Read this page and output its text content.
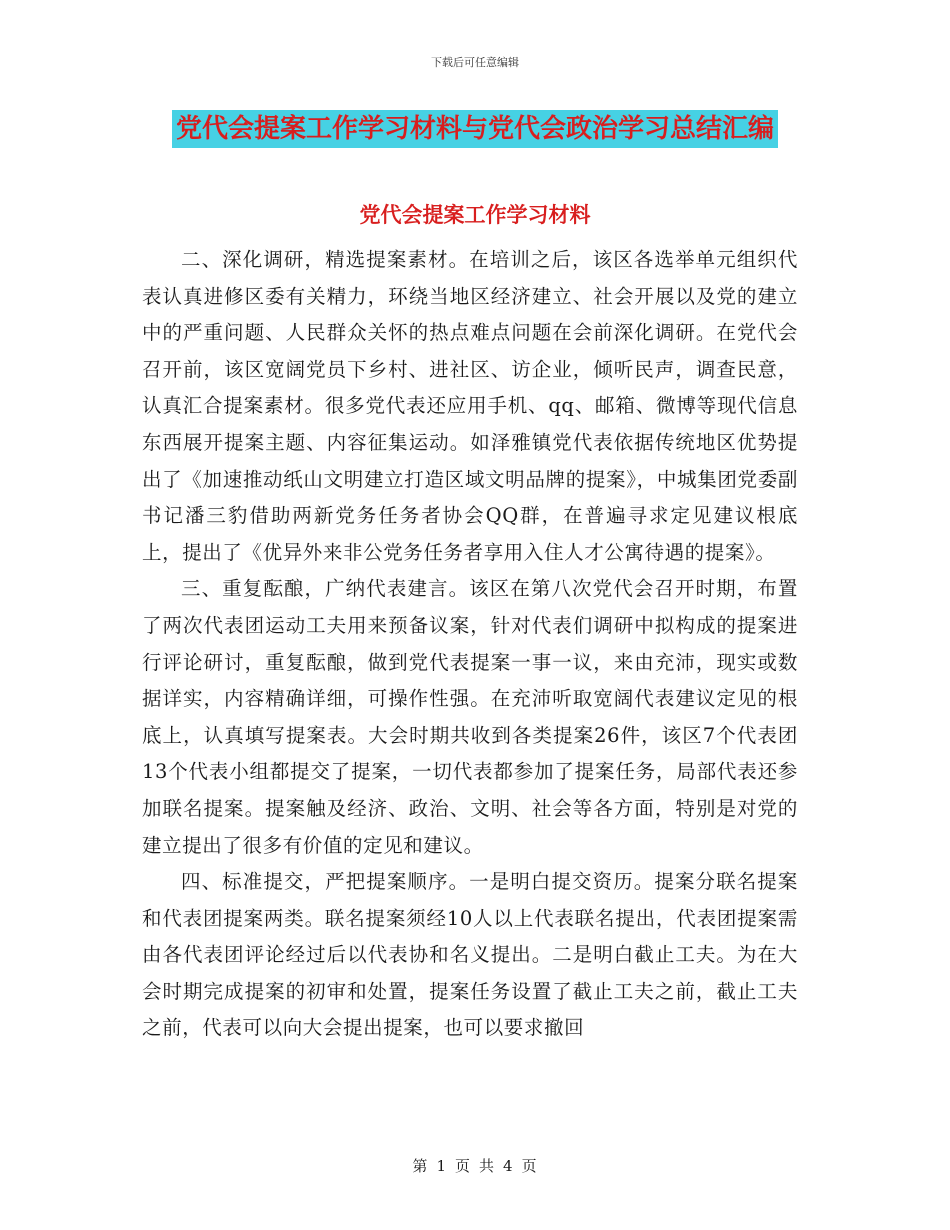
下载后可任意编辑
党代会提案工作学习材料与党代会政治学习总结汇编
党代会提案工作学习材料

二、深化调研，精选提案素材。在培训之后，该区各选举单元组织代表认真进修区委有关精力，环绕当地区经济建立、社会开展以及党的建立中的严重问题、人民群众关怀的热点难点问题在会前深化调研。在党代会召开前，该区宽阔党员下乡村、进社区、访企业，倾听民声，调查民意，认真汇合提案素材。很多党代表还应用手机、qq、邮箱、微博等现代信息东西展开提案主题、内容征集运动。如泽雅镇党代表依据传统地区优势提出了《加速推动纸山文明建立打造区域文明品牌的提案》，中城集团党委副书记潘三豹借助两新党务任务者协会QQ群，在普遍寻求定见建议根底上，提出了《优异外来非公党务任务者享用入住人才公寓待遇的提案》。

三、重复酝酿，广纳代表建言。该区在第八次党代会召开时期，布置了两次代表团运动工夫用来预备议案，针对代表们调研中拟构成的提案进行评论研讨，重复酝酿，做到党代表提案一事一议，来由充沛，现实或数据详实，内容精确详细，可操作性强。在充沛听取宽阔代表建议定见的根底上，认真填写提案表。大会时期共收到各类提案26件，该区7个代表团13个代表小组都提交了提案，一切代表都参加了提案任务，局部代表还参加联名提案。提案触及经济、政治、文明、社会等各方面，特别是对党的建立提出了很多有价值的定见和建议。

四、标准提交，严把提案顺序。一是明白提交资历。提案分联名提案和代表团提案两类。联名提案须经10人以上代表联名提出，代表团提案需由各代表团评论经过后以代表协和名义提出。二是明白截止工夫。为在大会时期完成提案的初审和处置，提案任务设置了截止工夫之前，截止工夫之前，代表可以向大会提出提案，也可以要求撤回

第 1 页 共 4 页
